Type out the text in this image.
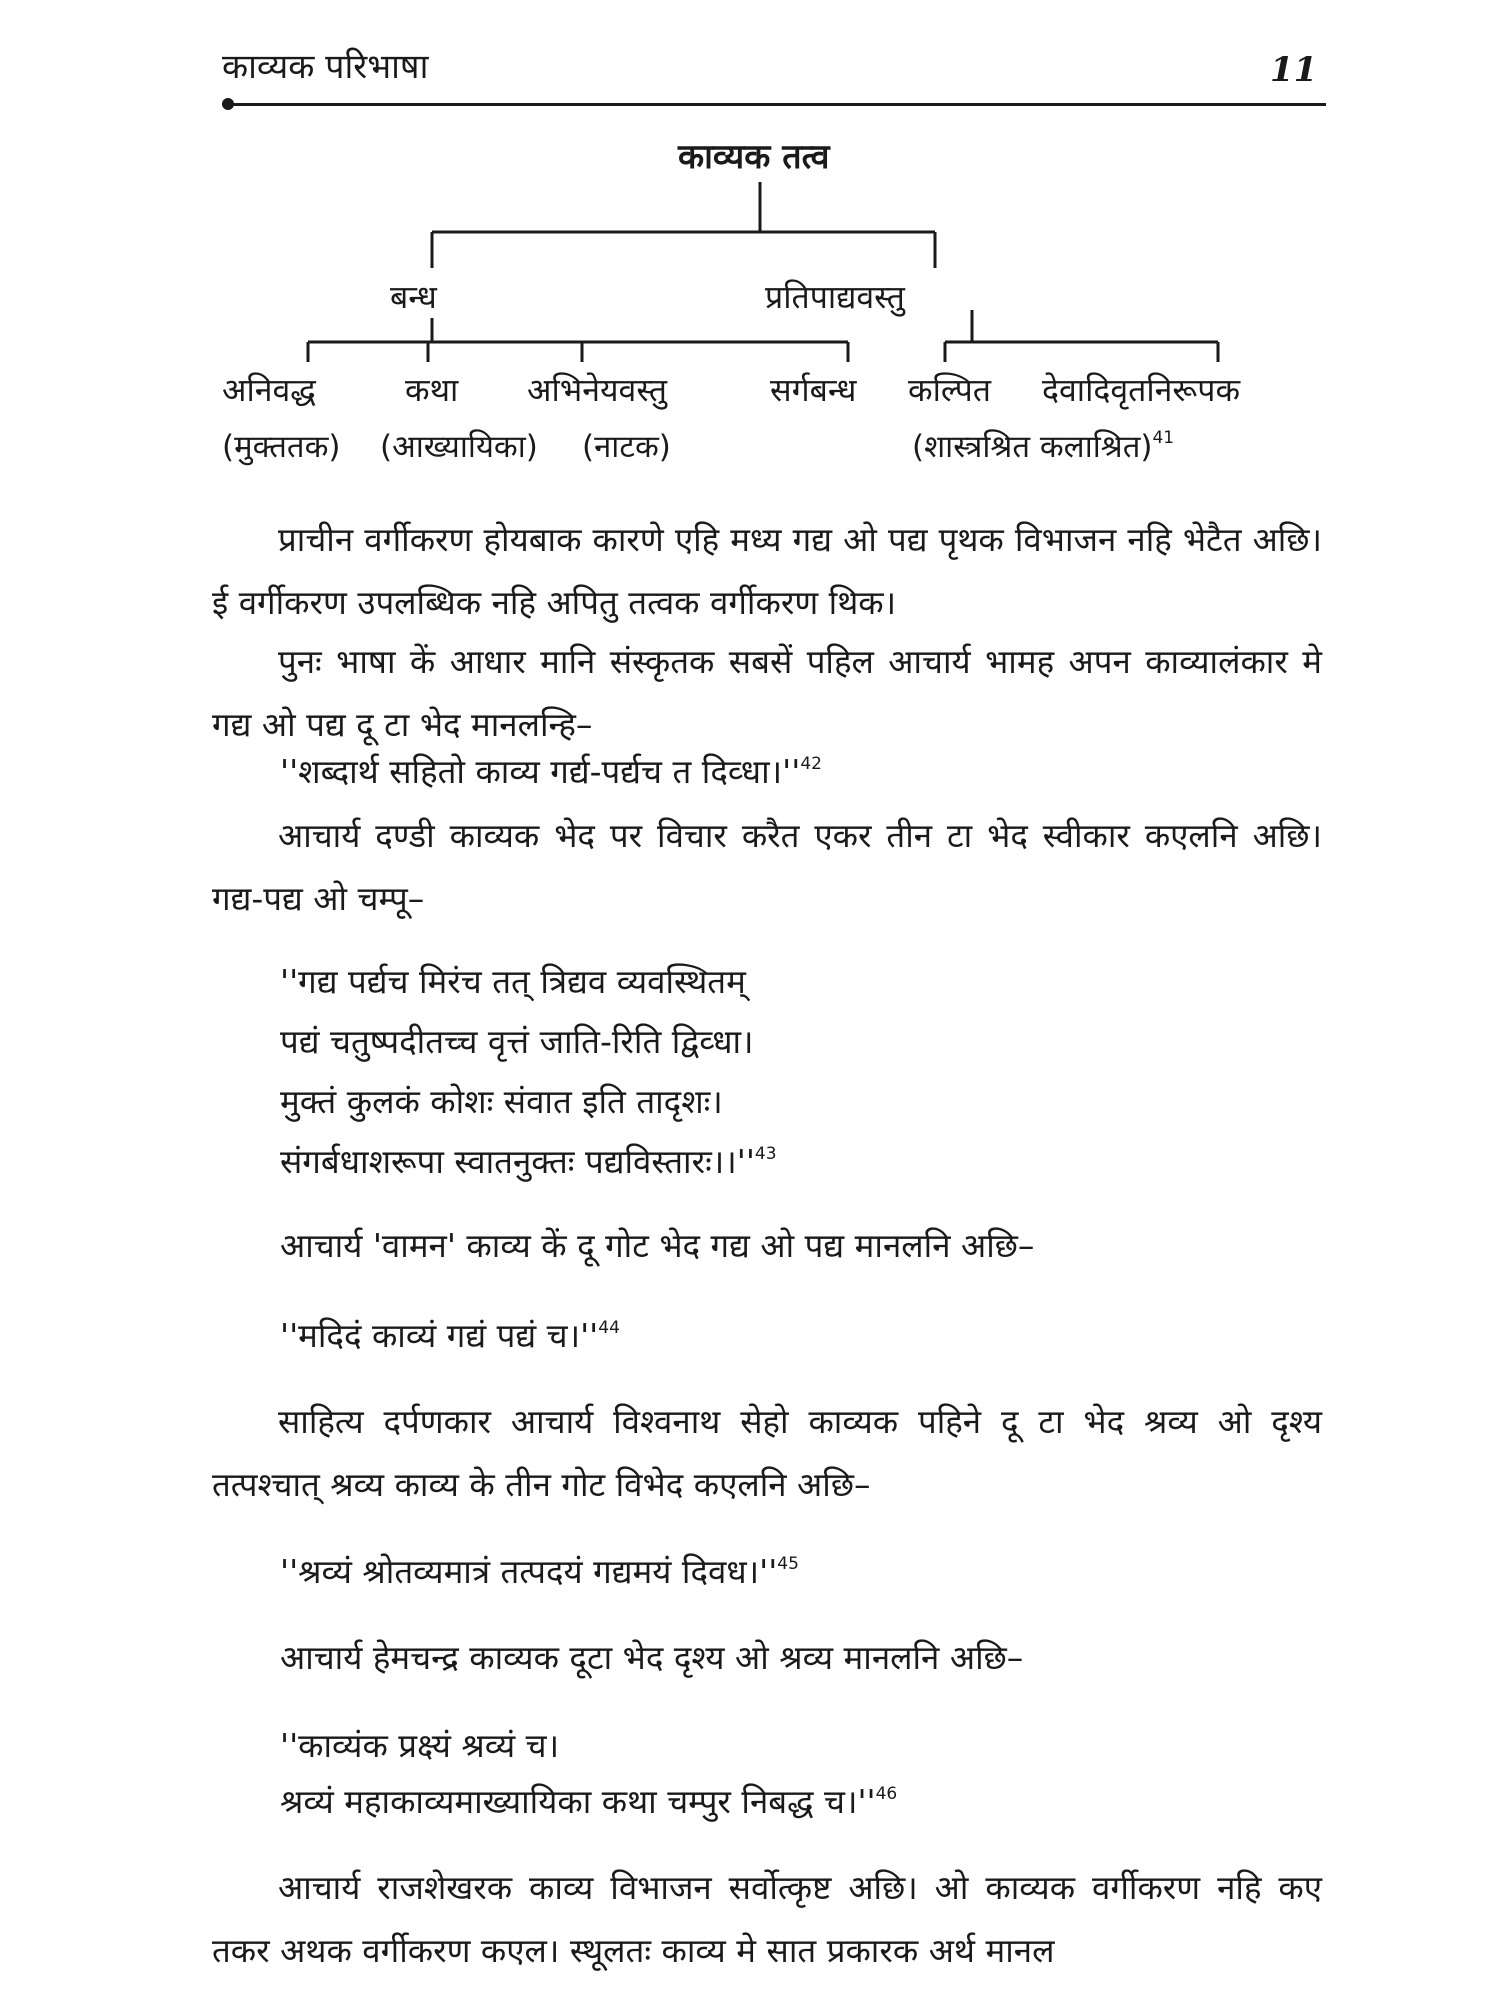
काव्यक परिभाषा	11
काव्यक तत्व
बन्ध	प्रतिपाद्यवस्तु
अनिवद्ध	कथा अभिनेयवस्तु	सर्गबन्ध कल्पित देवादिवृतनिरूपक
(मुक्ततक) (आख्यायिका) (नाटक)	(शास्त्रश्रित कलाश्रित)$^{41}$

प्राचीन वर्गीकरण होयबाक कारणे एहि मध्य गद्य ओ पद्य पृथक विभाजन नहि भेटैत अछि। ई वर्गीकरण उपलब्धिक नहि अपितु तत्वक वर्गीकरण थिक।

पुनः भाषा कें आधार मानि संस्कृतक सबसें पहिल आचार्य भामह अपन काव्यालंकार मे गद्य ओ पद्य दू टा भेद मानलन्हि–

''शब्दार्थ सहितो काव्य गर्द्य-पर्द्यच त $दिव्धा।''^{42}$

आचार्य दण्डी काव्यक भेद पर विचार करैत एकर तीन टा भेद स्वीकार कएलनि अछि। गद्य-पद्य ओ चम्पू–

''गद्य पर्द्यच मिरंच तत् त्रिद्यव व्यवस्थितम्
पद्यं चतुष्पदीतच्च वृत्तं जाति-रिति द्विव्धा।
मुक्तं कुलकं कोशः संवात इति तादृशः।
संगर्बधाशरूपा स्वातनुक्तः $पद्यविस्तारः।।''^{43}$
आचार्य 'वामन' काव्य कें दू गोट भेद गद्य ओ पद्य मानलनि अछि–
''मदिदं काव्यं गद्यं पद्यं $च।''^{44}$

साहित्य दर्पणकार आचार्य विश्वनाथ सेहो काव्यक पहिने दू टा भेद श्रव्य ओ दृश्य तत्पश्चात् श्रव्य काव्य के तीन गोट विभेद कएलनि अछि–

''श्रव्यं श्रोतव्यमात्रं तत्पदयं गद्यमयं $दिवध।''^{45}$
आचार्य हेमचन्द्र काव्यक दूटा भेद दृश्य ओ श्रव्य मानलनि अछि–
''काव्यंक प्रक्ष्यं श्रव्यं च।
श्रव्यं महाकाव्यमाख्यायिका कथा चम्पुर निबद्ध $च।''^{46}$

आचार्य राजशेखरक काव्य विभाजन सर्वोत्कृष्ट अछि। ओ काव्यक वर्गीकरण नहि कए तकर अथक वर्गीकरण कएल। स्थूलतः काव्य मे सात प्रकारक अर्थ मानल
